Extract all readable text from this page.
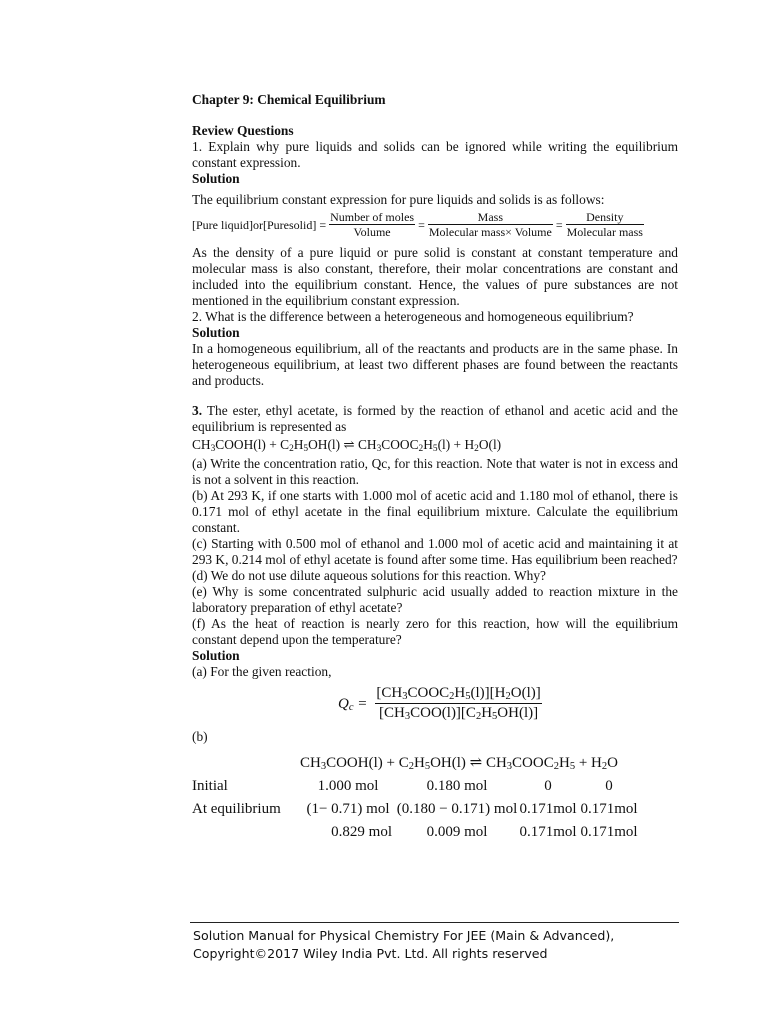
Chapter 9: Chemical Equilibrium

Review Questions

1. Explain why pure liquids and solids can be ignored while writing the equilibrium constant expression.

Solution

The equilibrium constant expression for pure liquids and solids is as follows:

[Pure liquid]or[Puresolid] = $\frac{\text{Number of moles}}{\text{Volume}} = \frac{\text{Mass}}{\text{Molecular mass× Volume}} = \frac{\text{Density}}{\text{Molecular mass}}$

As the density of a pure liquid or pure solid is constant at constant temperature and molecular mass is also constant, therefore, their molar concentrations are constant and included into the equilibrium constant. Hence, the values of pure substances are not mentioned in the equilibrium constant expression.

2. What is the difference between a heterogeneous and homogeneous equilibrium?

Solution

In a homogeneous equilibrium, all of the reactants and products are in the same phase. In heterogeneous equilibrium, at least two different phases are found between the reactants and products.

3. The ester, ethyl acetate, is formed by the reaction of ethanol and acetic acid and the equilibrium is represented as

$CH_3COOH(l) + C_2H_5OH(l)$ ⇌ $CH_3COOC_2H_5(l) + H_2O(l)$

(a) Write the concentration ratio, Qc, for this reaction. Note that water is not in excess and is not a solvent in this reaction.

(b) At 293 K, if one starts with 1.000 mol of acetic acid and 1.180 mol of ethanol, there is 0.171 mol of ethyl acetate in the final equilibrium mixture. Calculate the equilibrium constant.

(c) Starting with 0.500 mol of ethanol and 1.000 mol of acetic acid and maintaining it at 293 K, 0.214 mol of ethyl acetate is found after some time. Has equilibrium been reached?

(d) We do not use dilute aqueous solutions for this reaction. Why?

(e) Why is some concentrated sulphuric acid usually added to reaction mixture in the laboratory preparation of ethyl acetate?

(f) As the heat of reaction is nearly zero for this reaction, how will the equilibrium constant depend upon the temperature?

Solution

(a) For the given reaction,

$Q_c = \frac{[CH_3COOC_2H_5(l)][H_2O(l)]}{[CH_3COO(l)][C_2H_5OH(l)]}$

(b)

	$CH_3COOH(l) + C_2H_5OH(l)$ ⇌ $CH_3COOC_2H_5 + H_2O$			
Initial	1.000 mol	0.180 mol	0	0
At equilibrium	(1− 0.71) mol	(0.180 − 0.171) mol	0.171mol	0.171mol
	0.829 mol	0.009 mol	0.171mol	0.171mol
Solution Manual for Physical Chemistry For JEE (Main & Advanced),
Copyright©2017 Wiley India Pvt. Ltd. All rights reserved
